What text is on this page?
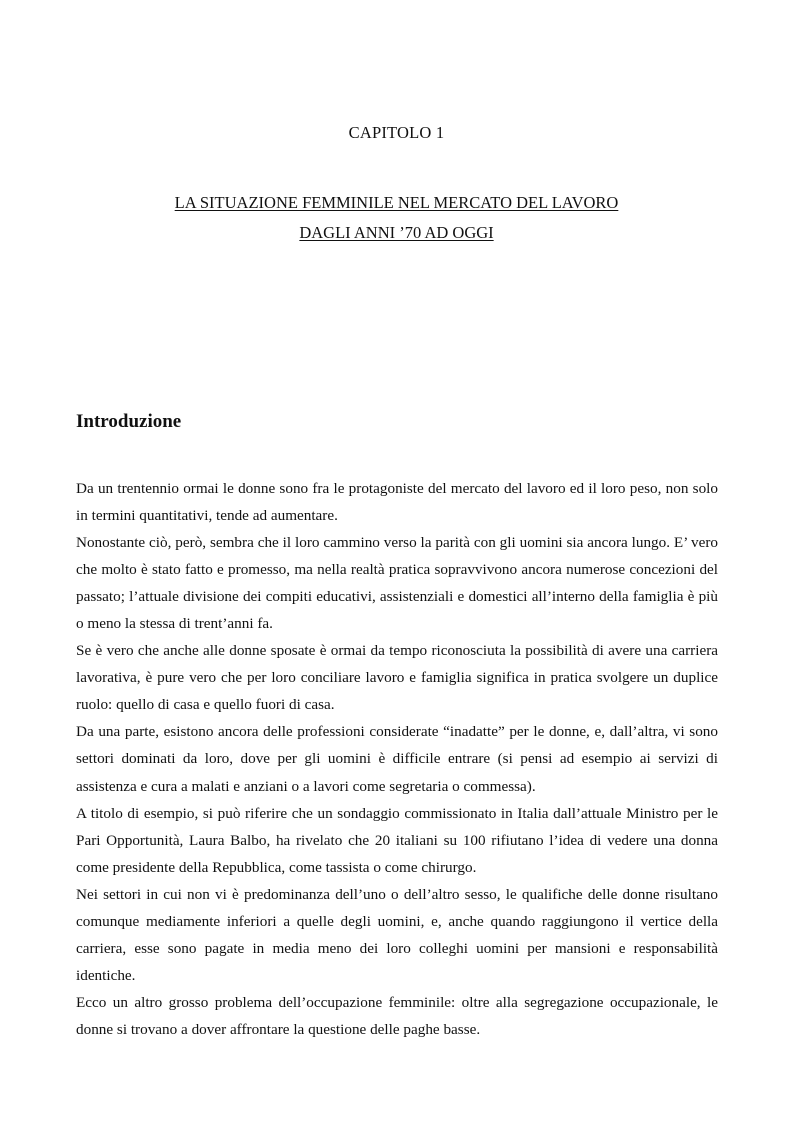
CAPITOLO 1
LA SITUAZIONE FEMMINILE NEL MERCATO DEL LAVORO
DAGLI ANNI ’70 AD OGGI
Introduzione

Da un trentennio ormai le donne sono fra le protagoniste del mercato del lavoro ed il loro peso, non solo in termini quantitativi, tende ad aumentare.

Nonostante ciò, però, sembra che il loro cammino verso la parità con gli uomini sia ancora lungo. E’ vero che molto è stato fatto e promesso, ma nella realtà pratica sopravvivono ancora numerose concezioni del passato; l’attuale divisione dei compiti educativi, assistenziali e domestici all’interno della famiglia è più o meno la stessa di trent’anni fa.

Se è vero che anche alle donne sposate è ormai da tempo riconosciuta la possibilità di avere una carriera lavorativa, è pure vero che per loro conciliare lavoro e famiglia significa in pratica svolgere un duplice ruolo: quello di casa e quello fuori di casa.

Da una parte, esistono ancora delle professioni considerate “inadatte” per le donne, e, dall’altra, vi sono settori dominati da loro, dove per gli uomini è difficile entrare (si pensi ad esempio ai servizi di assistenza e cura a malati e anziani o a lavori come segretaria o commessa).

A titolo di esempio, si può riferire che un sondaggio commissionato in Italia dall’attuale Ministro per le Pari Opportunità, Laura Balbo, ha rivelato che 20 italiani su 100 rifiutano l’idea di vedere una donna come presidente della Repubblica, come tassista o come chirurgo.

Nei settori in cui non vi è predominanza dell’uno o dell’altro sesso, le qualifiche delle donne risultano comunque mediamente inferiori a quelle degli uomini, e, anche quando raggiungono il vertice della carriera, esse sono pagate in media meno dei loro colleghi uomini per mansioni e responsabilità identiche.

Ecco un altro grosso problema dell’occupazione femminile: oltre alla segregazione occupazionale, le donne si trovano a dover affrontare la questione delle paghe basse.
